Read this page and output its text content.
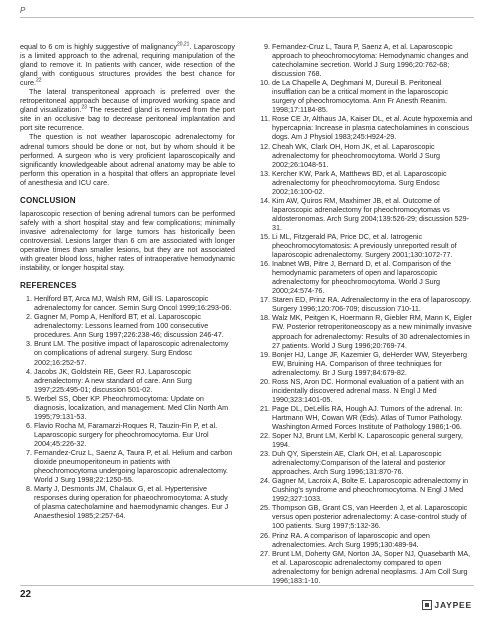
P

equal to 6 cm is highly suggestive of malignancy$^{20,21}$. Laparoscopy is a limited approach to the adrenal, requiring manipulation of the gland to remove it. In patients with cancer, wide resection of the gland with contiguous structures provides the best chance for cure.$^{22}$

The lateral transperitoneal approach is preferred over the retroperitoneal approach because of improved working space and gland visualization.$^{23}$ The resected gland is removed from the port site in an occlusive bag to decrease peritoneal implantation and port site recurrence.

The question is not weather laparoscopic adrenalectomy for adrenal tumors should be done or not, but by whom should it be performed. A surgeon who is very proficient laparoscopically and significantly knowledgeable about adrenal anatomy may be able to perform this operation in a hospital that offers an appropriate level of anesthesia and ICU care.

CONCLUSION

laparoscopic resection of bening adrenal tumors can be performed safely with a short hospital stay and few complications; minimally invasive adrenalectomy for large tumors has historically been controversial. Lesions larger than 6 cm are associated with longer operative times than smaller lesions, but they are not associated with greater blood loss, higher rates of intraoperative hemodynamic instability, or longer hospital stay.

REFERENCES
1. Henlford BT, Arca MJ, Walsh RM, Gill IS. Laparoscopic adrenalectomy for cancer. Semin Surg Oncol 1999;16:293-06.
2. Gagner M, Pomp A, Henlford BT, et al. Laparoscopic adrenalectomy: Lessons learned from 100 consecutive procedures. Ann Surg 1997;226:238-46; discussion 246-47.
3. Brunt LM. The positive impact of laparoscopic adrenalectomy on complications of adrenal surgery. Surg Endosc 2002;16:252-57.
4. Jacobs JK, Goldstein RE, Geer RJ. Laparoscopic adrenalectomy: A new standard of care. Ann Surg 1997;225:495-01; discussion 501-02.
5. Werbel SS, Ober KP. Pheochromocytoma: Update on diagnosis, localization, and management. Med Clin North Am 1995;79:131-53.
6. Flavio Rocha M, Faramarzi-Roques R, Tauzin-Fin P, et al. Laparoscopic surgery for pheochromocytoma. Eur Urol 2004;45:226-32.
7. Fernandez-Cruz L, Saenz A, Taura P, et al. Helium and carbon dioxide pneumoperitoneum in patients with pheochromocytoma undergoing laparoscopic adrenalectomy. World J Surg 1998;22:1250-55.
8. Marty J, Desmonts JM, Chalaux G, et al. Hypertensive responses during operation for phaeochromocytoma: A study of plasma catecholamine and haemodynamic changes. Eur J Anaesthesiol 1985;2:257-64.
9. Fernandez-Cruz L, Taura P, Saenz A, et al. Laparoscopic approach to pheochromocytoma: Hemodynamic changes and catecholamine secretion. World J Surg 1996;20:762-68; discussion 768.
10. de La Chapelle A, Deghmani M, Dureuil B. Peritoneal insufflation can be a critical moment in the laparoscopic surgery of pheochromocytoma. Ann Fr Anesth Reanim. 1998;17:1184-85.
11. Rose CE Jr, Althaus JA, Kaiser DL, et al. Acute hypoxemia and hypercapnia: Increase in plasma catecholamines in conscious dogs. Am J Physiol 1983;245:H924-29.
12. Cheah WK, Clark OH, Horn JK, et al. Laparoscopic adrenalectomy for pheochromocytoma. World J Surg 2002;26:1048-51.
13. Kercher KW, Park A, Matthews BD, et al. Laparoscopic adrenalectomy for pheochromocytoma. Surg Endosc 2002;16:100-02.
14. Kim AW, Quiros RM, Maxhimer JB, et al. Outcome of laparoscopic adrenalectomy for pheochromocytomas vs aldosteronomas. Arch Surg 2004;139:526-29; discussion 529-31.
15. Li ML, Fitzgerald PA, Price DC, et al. Iatrogenic pheochromocytomatosis: A previously unreported result of laparoscopic adrenalectomy. Surgery 2001;130:1072-77.
16. Inabnet WB, Pitre J, Bernard D, et al. Comparison of the hemodynamic parameters of open and laparoscopic adrenalectomy for pheochromocytoma. World J Surg 2000;24:574-76.
17. Staren ED, Prinz RA. Adrenalectomy in the era of laparoscopy. Surgery 1996;120:706-709; discussion 710-11.
18. Walz MK, Peitgen K, Hoermann R, Giebler RM, Mann K, Eigler FW. Posterior retroperitoneoscopy as a new minimally invasive approach for adrenalectomy: Results of 30 adrenalectomies in 27 patients. World J Surg 1996;20:769-74.
19. Bonjer HJ, Lange JF, Kazemier G, deHerder WW, Steyerberg EW, Bruining HA. Comparison of three techniques for adrenalectomy. Br J Surg 1997;84:679-82.
20. Ross NS, Aron DC. Hormonal evaluation of a patient with an incidentally discovered adrenal mass. N Engl J Med 1990;323:1401-05.
21. Page DL, DeLellis RA, Hough AJ. Tumors of the adrenal. In: Hartmann WH, Cowan WR (Eds). Atlas of Tumor Pathology. Washington Armed Forces Institute of Pathology 1986;1-06.
22. Soper NJ, Brunt LM, Kerbl K. Laparoscopic general surgery, 1994.
23. Duh QY, Siperstein AE, Clark OH, et al. Laparoscopic adrenalectomy:Comparison of the lateral and posterior approaches. Arch Surg 1996;131:870-76.
24. Gagner M, Lacroix A, Bolte E. Laparoscopic adrenalectomy in Cushing's syndrome and pheochromocytoma. N Engl J Med 1992;327:1033.
25. Thompson GB, Grant CS, van Heerden J, et al. Laparoscopic versus open posterior adrenalectomy: A case-control study of 100 patients. Surg 1997;5:132-36.
26. Prinz RA. A comparison of laparoscopic and open adrenalectomies. Arch Surg 1995;130:489-94.
27. Brunt LM, Doherty GM, Norton JA, Soper NJ, Quasebarth MA, et al. Laparoscopic adrenalectomy compared to open adrenalectomy for benign adrenal neoplasms. J Am Coll Surg 1996;183:1-10.
22
JAYPEE
